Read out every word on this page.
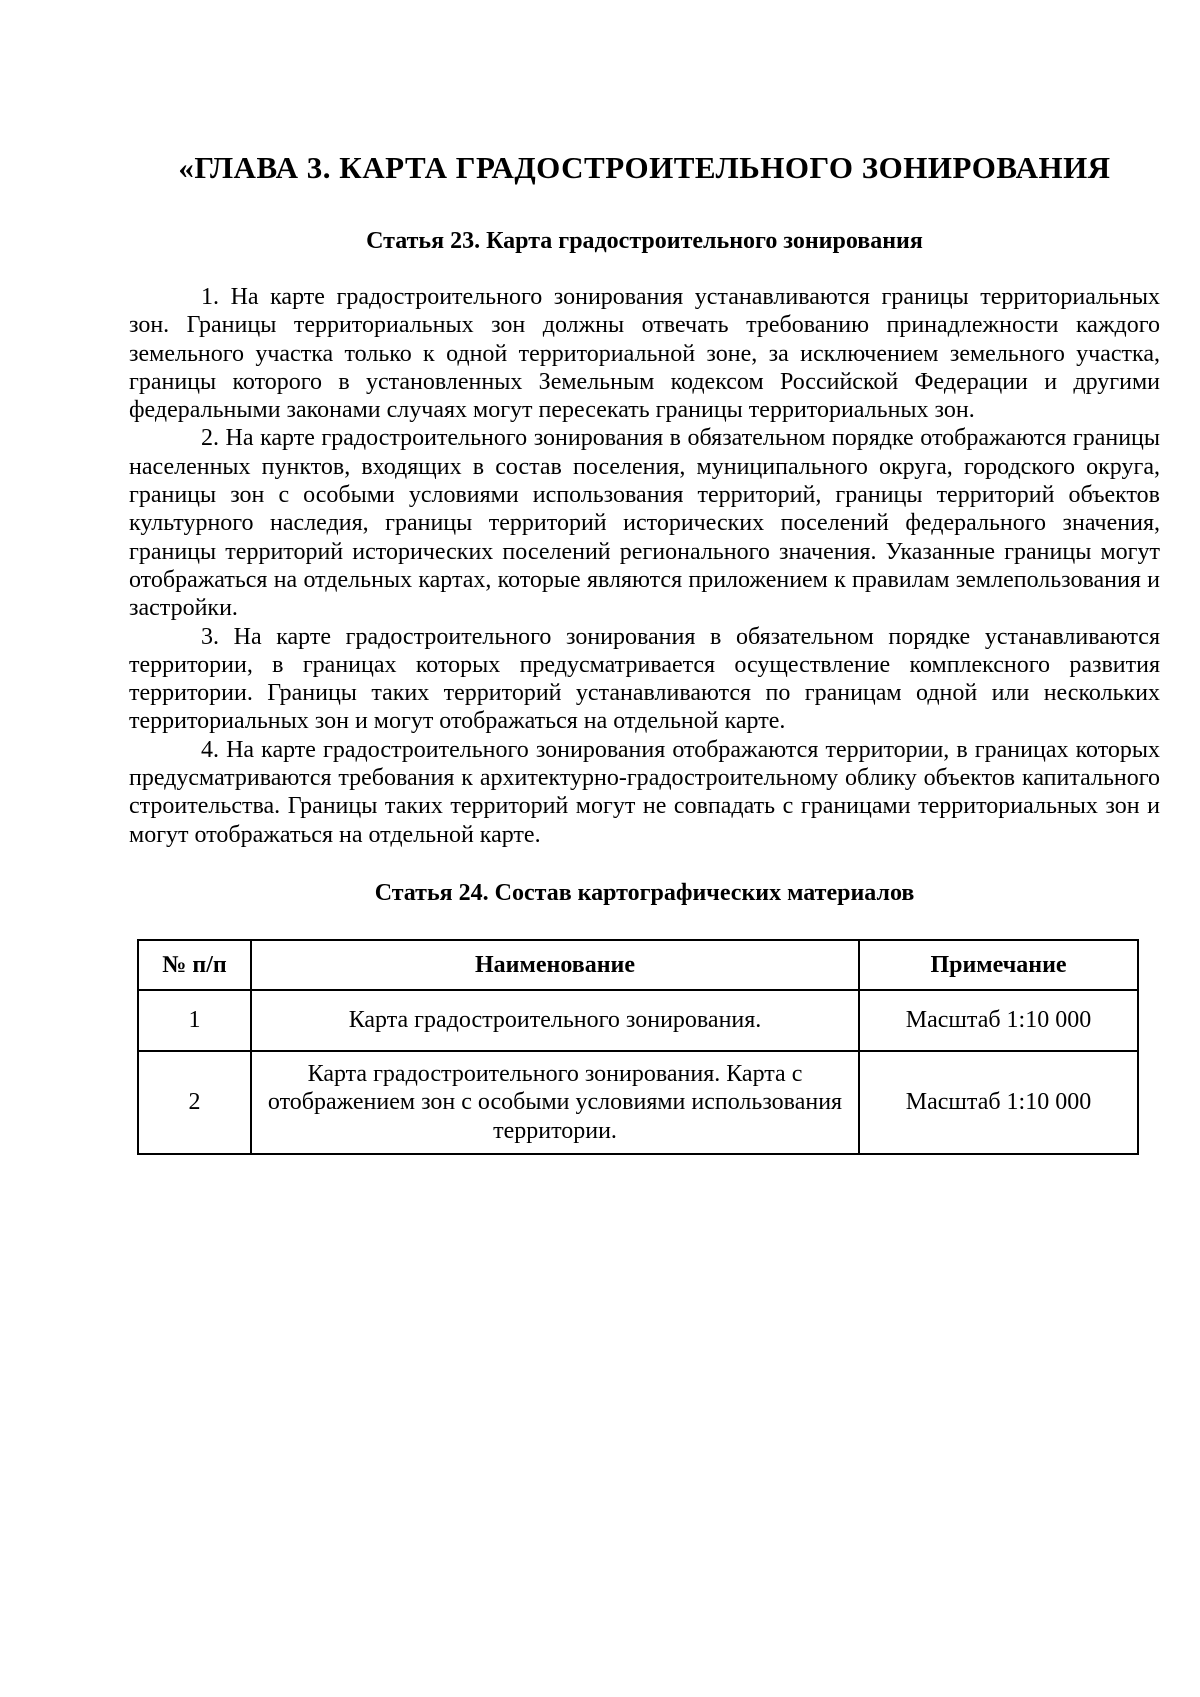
«ГЛАВА 3. КАРТА ГРАДОСТРОИТЕЛЬНОГО ЗОНИРОВАНИЯ
Статья 23. Карта градостроительного зонирования

1. На карте градостроительного зонирования устанавливаются границы территориальных зон. Границы территориальных зон должны отвечать требованию принадлежности каждого земельного участка только к одной территориальной зоне, за исключением земельного участка, границы которого в установленных Земельным кодексом Российской Федерации и другими федеральными законами случаях могут пересекать границы территориальных зон.

2. На карте градостроительного зонирования в обязательном порядке отображаются границы населенных пунктов, входящих в состав поселения, муниципального округа, городского округа, границы зон с особыми условиями использования территорий, границы территорий объектов культурного наследия, границы территорий исторических поселений федерального значения, границы территорий исторических поселений регионального значения. Указанные границы могут отображаться на отдельных картах, которые являются приложением к правилам землепользования и застройки.

3. На карте градостроительного зонирования в обязательном порядке устанавливаются территории, в границах которых предусматривается осуществление комплексного развития территории. Границы таких территорий устанавливаются по границам одной или нескольких территориальных зон и могут отображаться на отдельной карте.

4. На карте градостроительного зонирования отображаются территории, в границах которых предусматриваются требования к архитектурно-градостроительному облику объектов капитального строительства. Границы таких территорий могут не совпадать с границами территориальных зон и могут отображаться на отдельной карте.

Статья 24. Состав картографических материалов
№ п/п	Наименование	Примечание
1	Карта градостроительного зонирования.	Масштаб 1:10 000
2	Карта градостроительного зонирования. Карта с отображением зон с особыми условиями использования территории.	Масштаб 1:10 000
